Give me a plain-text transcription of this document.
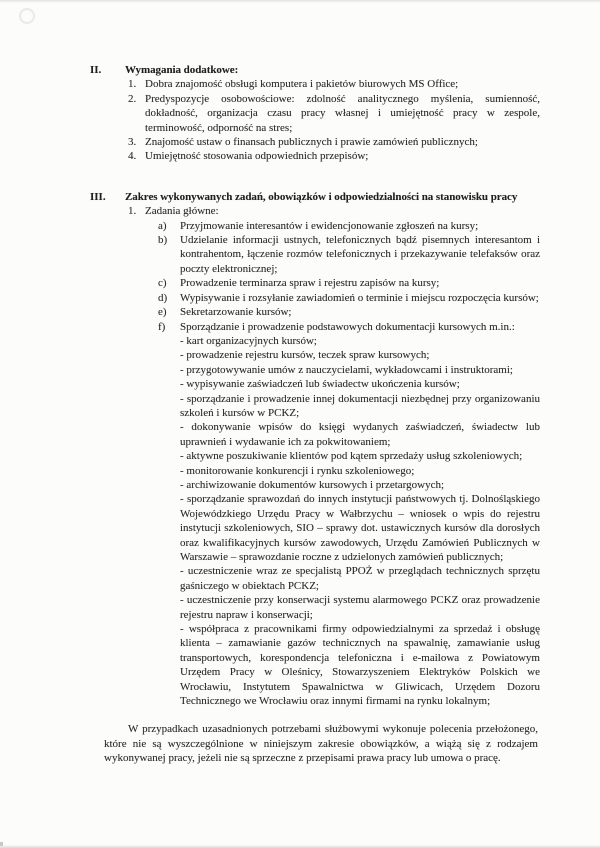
II.	Wymagania dodatkowe:
1. Dobra znajomość obsługi komputera i pakietów biurowych MS Office;
2. Predyspozycje osobowościowe: zdolność analitycznego myślenia, sumienność, dokładność, organizacja czasu pracy własnej i umiejętność pracy w zespole, terminowość, odporność na stres;
3. Znajomość ustaw o finansach publicznych i prawie zamówień publicznych;
4. Umiejętność stosowania odpowiednich przepisów;
III.	Zakres wykonywanych zadań, obowiązków i odpowiedzialności na stanowisku pracy
1. Zadania główne:
a)	Przyjmowanie interesantów i ewidencjonowanie zgłoszeń na kursy;
b)	Udzielanie informacji ustnych, telefonicznych bądź pisemnych interesantom i kontrahentom, łączenie rozmów telefonicznych i przekazywanie telefaksów oraz poczty elektronicznej;
c)	Prowadzenie terminarza spraw i rejestru zapisów na kursy;
d)	Wypisywanie i rozsyłanie zawiadomień o terminie i miejscu rozpoczęcia kursów;
e)	Sekretarzowanie kursów;
f)	Sporządzanie i prowadzenie podstawowych dokumentacji kursowych m.in.:
- kart organizacyjnych kursów;
- prowadzenie rejestru kursów, teczek spraw kursowych;
- przygotowywanie umów z nauczycielami, wykładowcami i instruktorami;
- wypisywanie zaświadczeń lub świadectw ukończenia kursów;
- sporządzanie i prowadzenie innej dokumentacji niezbędnej przy organizowaniu szkoleń i kursów w PCKZ;
- dokonywanie wpisów do księgi wydanych zaświadczeń, świadectw lub uprawnień i wydawanie ich za pokwitowaniem;
- aktywne poszukiwanie klientów pod kątem sprzedaży usług szkoleniowych;
- monitorowanie konkurencji i rynku szkoleniowego;
- archiwizowanie dokumentów kursowych i przetargowych;
- sporządzanie sprawozdań do innych instytucji państwowych tj. Dolnośląskiego Wojewódzkiego Urzędu Pracy w Wałbrzychu – wniosek o wpis do rejestru instytucji szkoleniowych, SIO – sprawy dot. ustawicznych kursów dla dorosłych oraz kwalifikacyjnych kursów zawodowych, Urzędu Zamówień Publicznych w Warszawie – sprawozdanie roczne z udzielonych zamówień publicznych;
- uczestniczenie wraz ze specjalistą PPOŻ w przeglądach technicznych sprzętu gaśniczego w obiektach PCKZ;
- uczestniczenie przy konserwacji systemu alarmowego PCKZ oraz prowadzenie rejestru napraw i konserwacji;
- współpraca z pracownikami firmy odpowiedzialnymi za sprzedaż i obsługę klienta – zamawianie gazów technicznych na spawalnię, zamawianie usług transportowych, korespondencja telefoniczna i e-mailowa z Powiatowym Urzędem Pracy w Oleśnicy, Stowarzyszeniem Elektryków Polskich we Wrocławiu, Instytutem Spawalnictwa w Gliwicach, Urzędem Dozoru Technicznego we Wrocławiu oraz innymi firmami na rynku lokalnym;

W przypadkach uzasadnionych potrzebami służbowymi wykonuje polecenia przełożonego, które nie są wyszczególnione w niniejszym zakresie obowiązków, a wiążą się z rodzajem wykonywanej pracy, jeżeli nie są sprzeczne z przepisami prawa pracy lub umowa o pracę.
